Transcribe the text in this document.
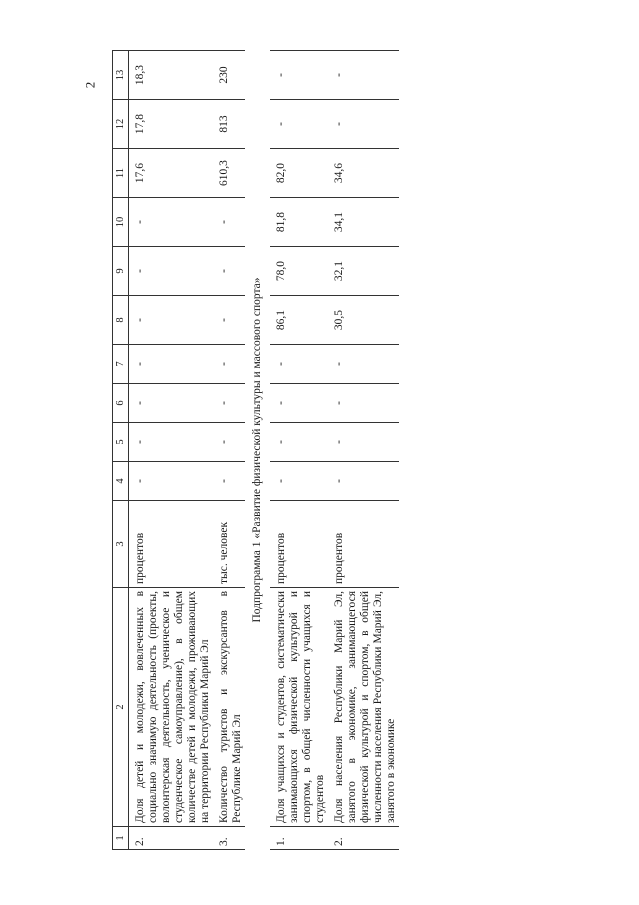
2
1	2	3	4	5	6	7	8	9	10	11	12	13
2.	Доля детей и молодежи, вовлеченных в социально значимую деятельность (проекты, волонтерская деятельность, ученическое и студенческое самоуправление), в общем количестве детей и молодежи, проживающих на территории Республики Марий Эл	процентов	-	-	-	-	-	-	-	17,6	17,8	18,3
3.	Количество туристов и экскурсантов в Республике Марий Эл	тыс. человек	-	-	-	-	-	-	-	610,3	813	230
Подпрограмма 1 «Развитие физической культуры и массового спорта»												
1.	Доля учащихся и студентов, систематически занимающихся физической культурой и спортом, в общей численности учащихся и студентов	процентов	-	-	-	-	86,1	78,0	81,8	82,0	-	-
2.	Доля населения Республики Марий Эл, занятого в экономике, занимающегося физической культурой и спортом, в общей численности населения Республики Марий Эл, занятого в экономике	процентов	-	-	-	-	30,5	32,1	34,1	34,6	-	-
